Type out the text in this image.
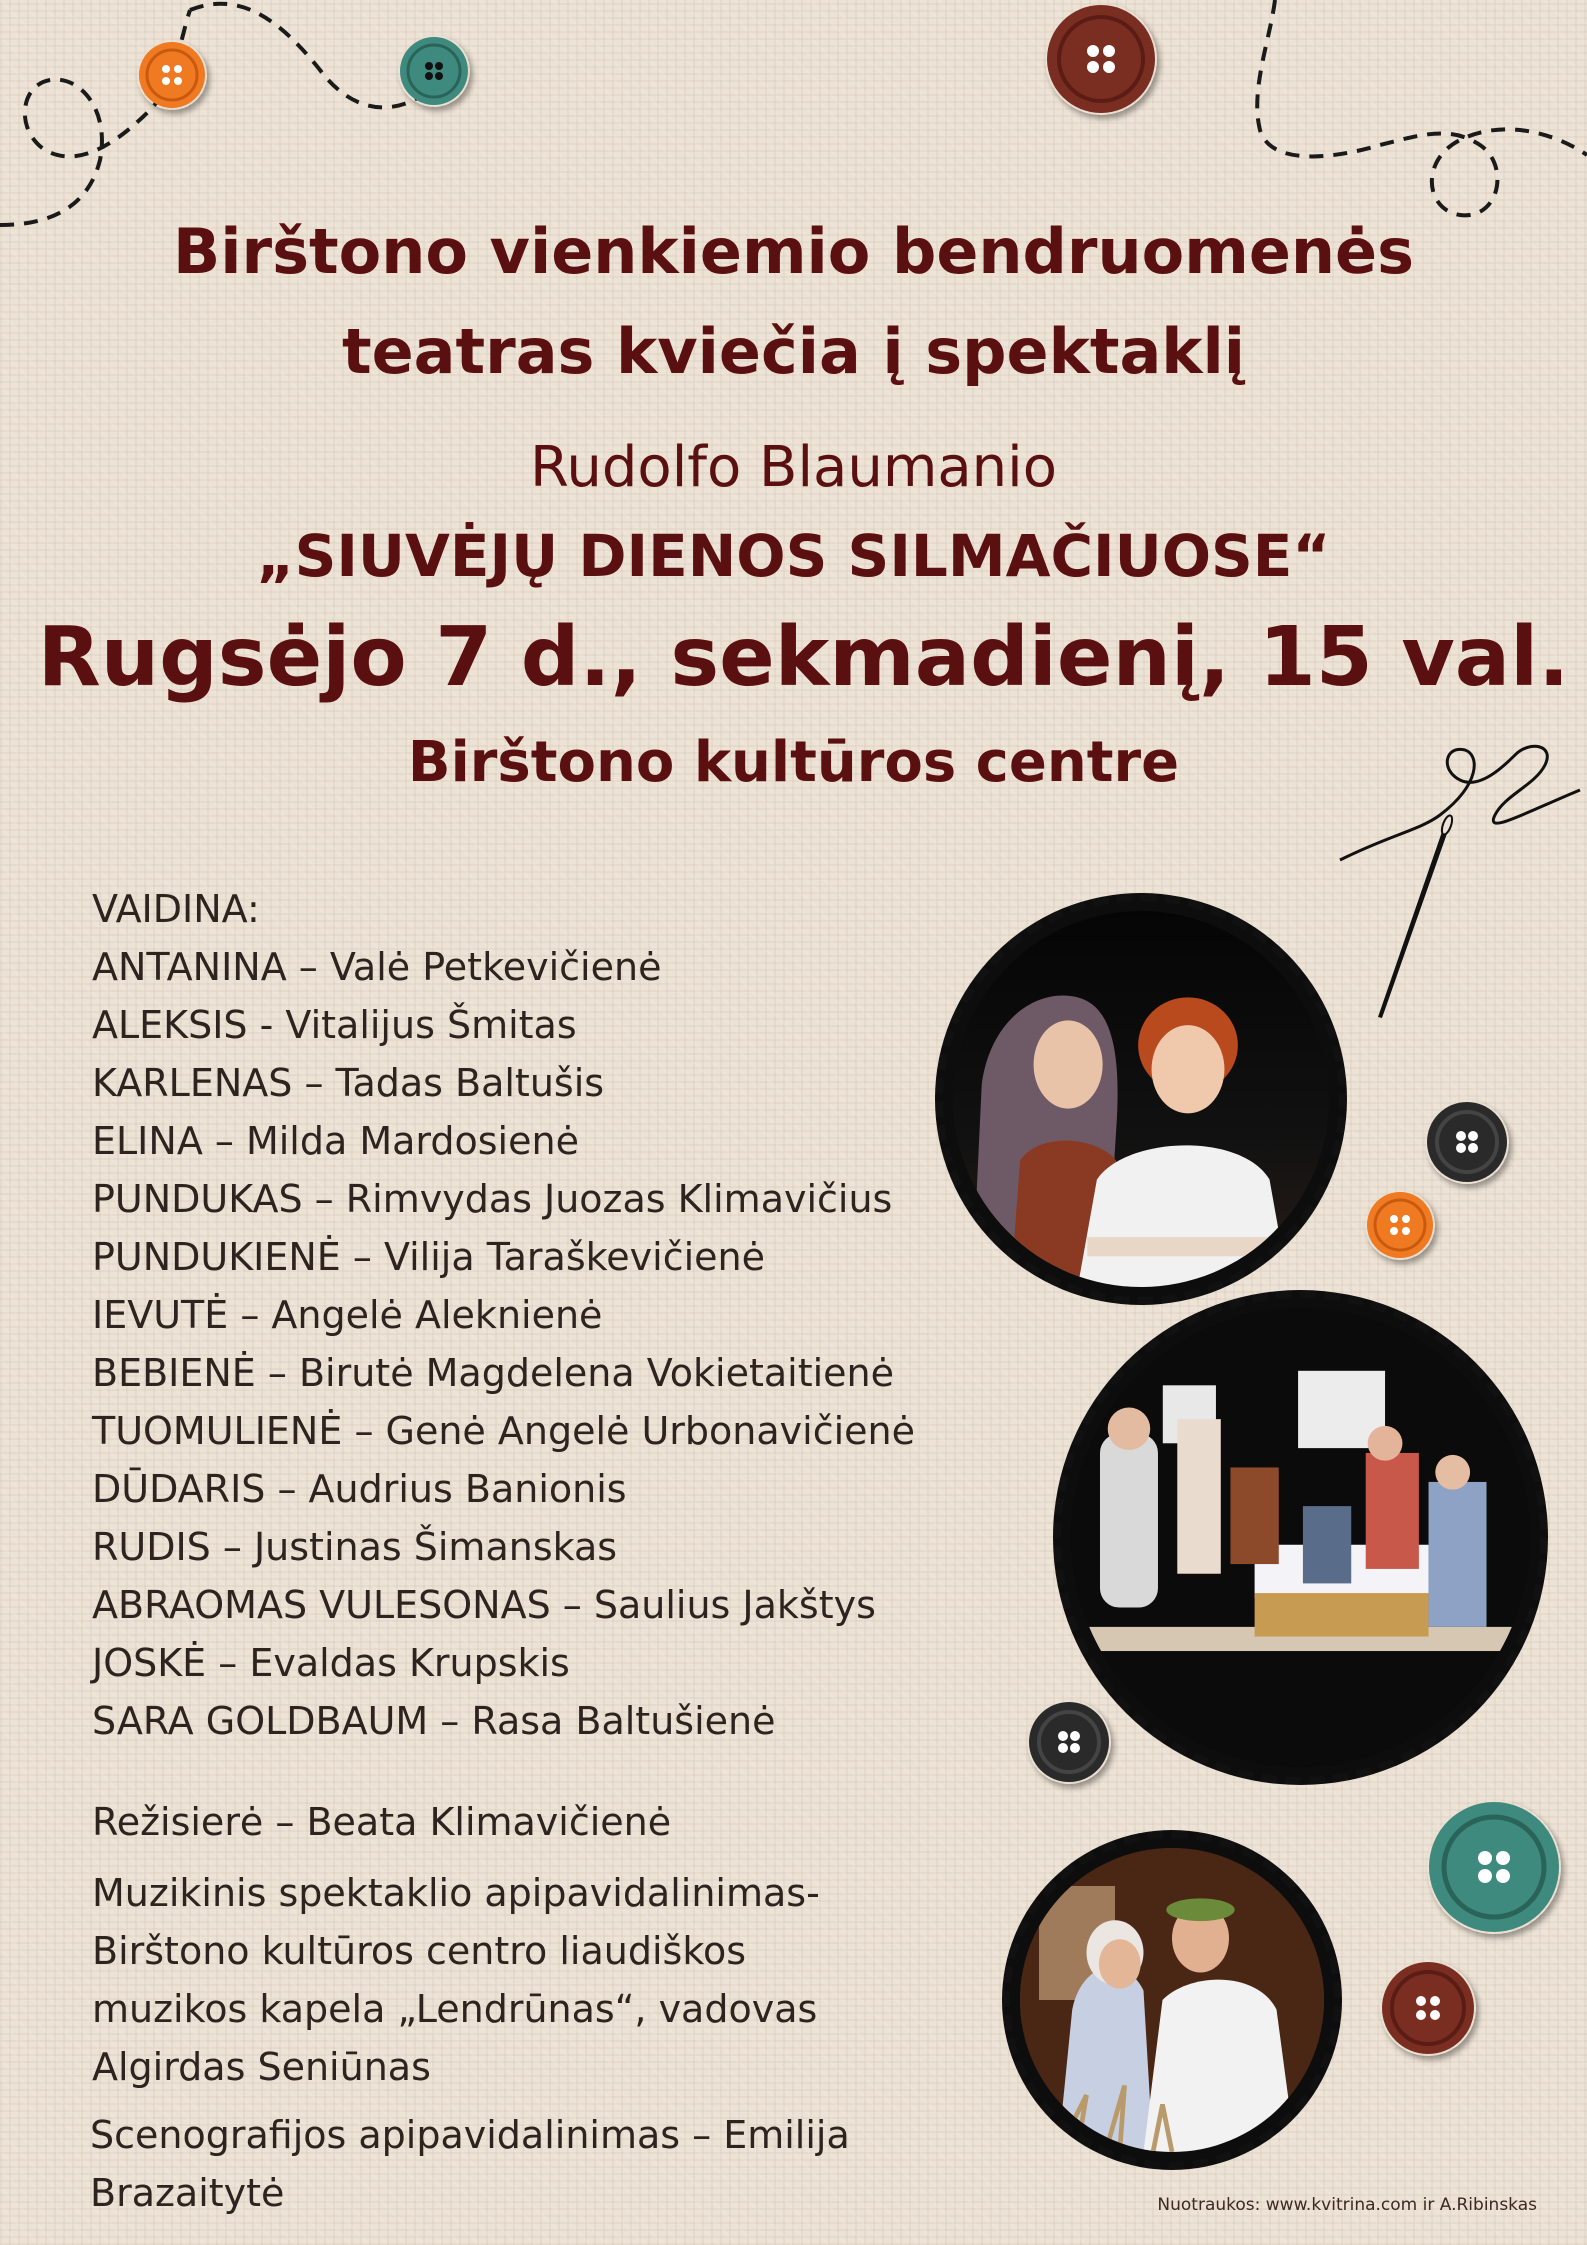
Birštono vienkiemio bendruomenės
teatras kviečia į spektaklį
Rudolfo Blaumanio
„SIUVĖJŲ DIENOS SILMAČIUOSE“
Rugsėjo 7 d., sekmadienį, 15 val.
Birštono kultūros centre
VAIDINA:
ANTANINA – Valė Petkevičienė
ALEKSIS - Vitalijus Šmitas
KARLENAS – Tadas Baltušis
ELINA – Milda Mardosienė
PUNDUKAS – Rimvydas Juozas Klimavičius
PUNDUKIENĖ – Vilija Taraškevičienė
IEVUTĖ – Angelė Aleknienė
BEBIENĖ – Birutė Magdelena Vokietaitienė
TUOMULIENĖ – Genė Angelė Urbonavičienė
DŪDARIS – Audrius Banionis
RUDIS – Justinas Šimanskas
ABRAOMAS VULESONAS – Saulius Jakštys
JOSKĖ – Evaldas Krupskis
SARA GOLDBAUM – Rasa Baltušienė
Režisierė – Beata Klimavičienė
Muzikinis spektaklio apipavidalinimas-
Birštono kultūros centro liaudiškos
muzikos kapela „Lendrūnas“, vadovas
Algirdas Seniūnas
Scenografijos apipavidalinimas – Emilija
Brazaitytė	Nuotraukos: www.kvitrina.com ir A.Ribinskas
